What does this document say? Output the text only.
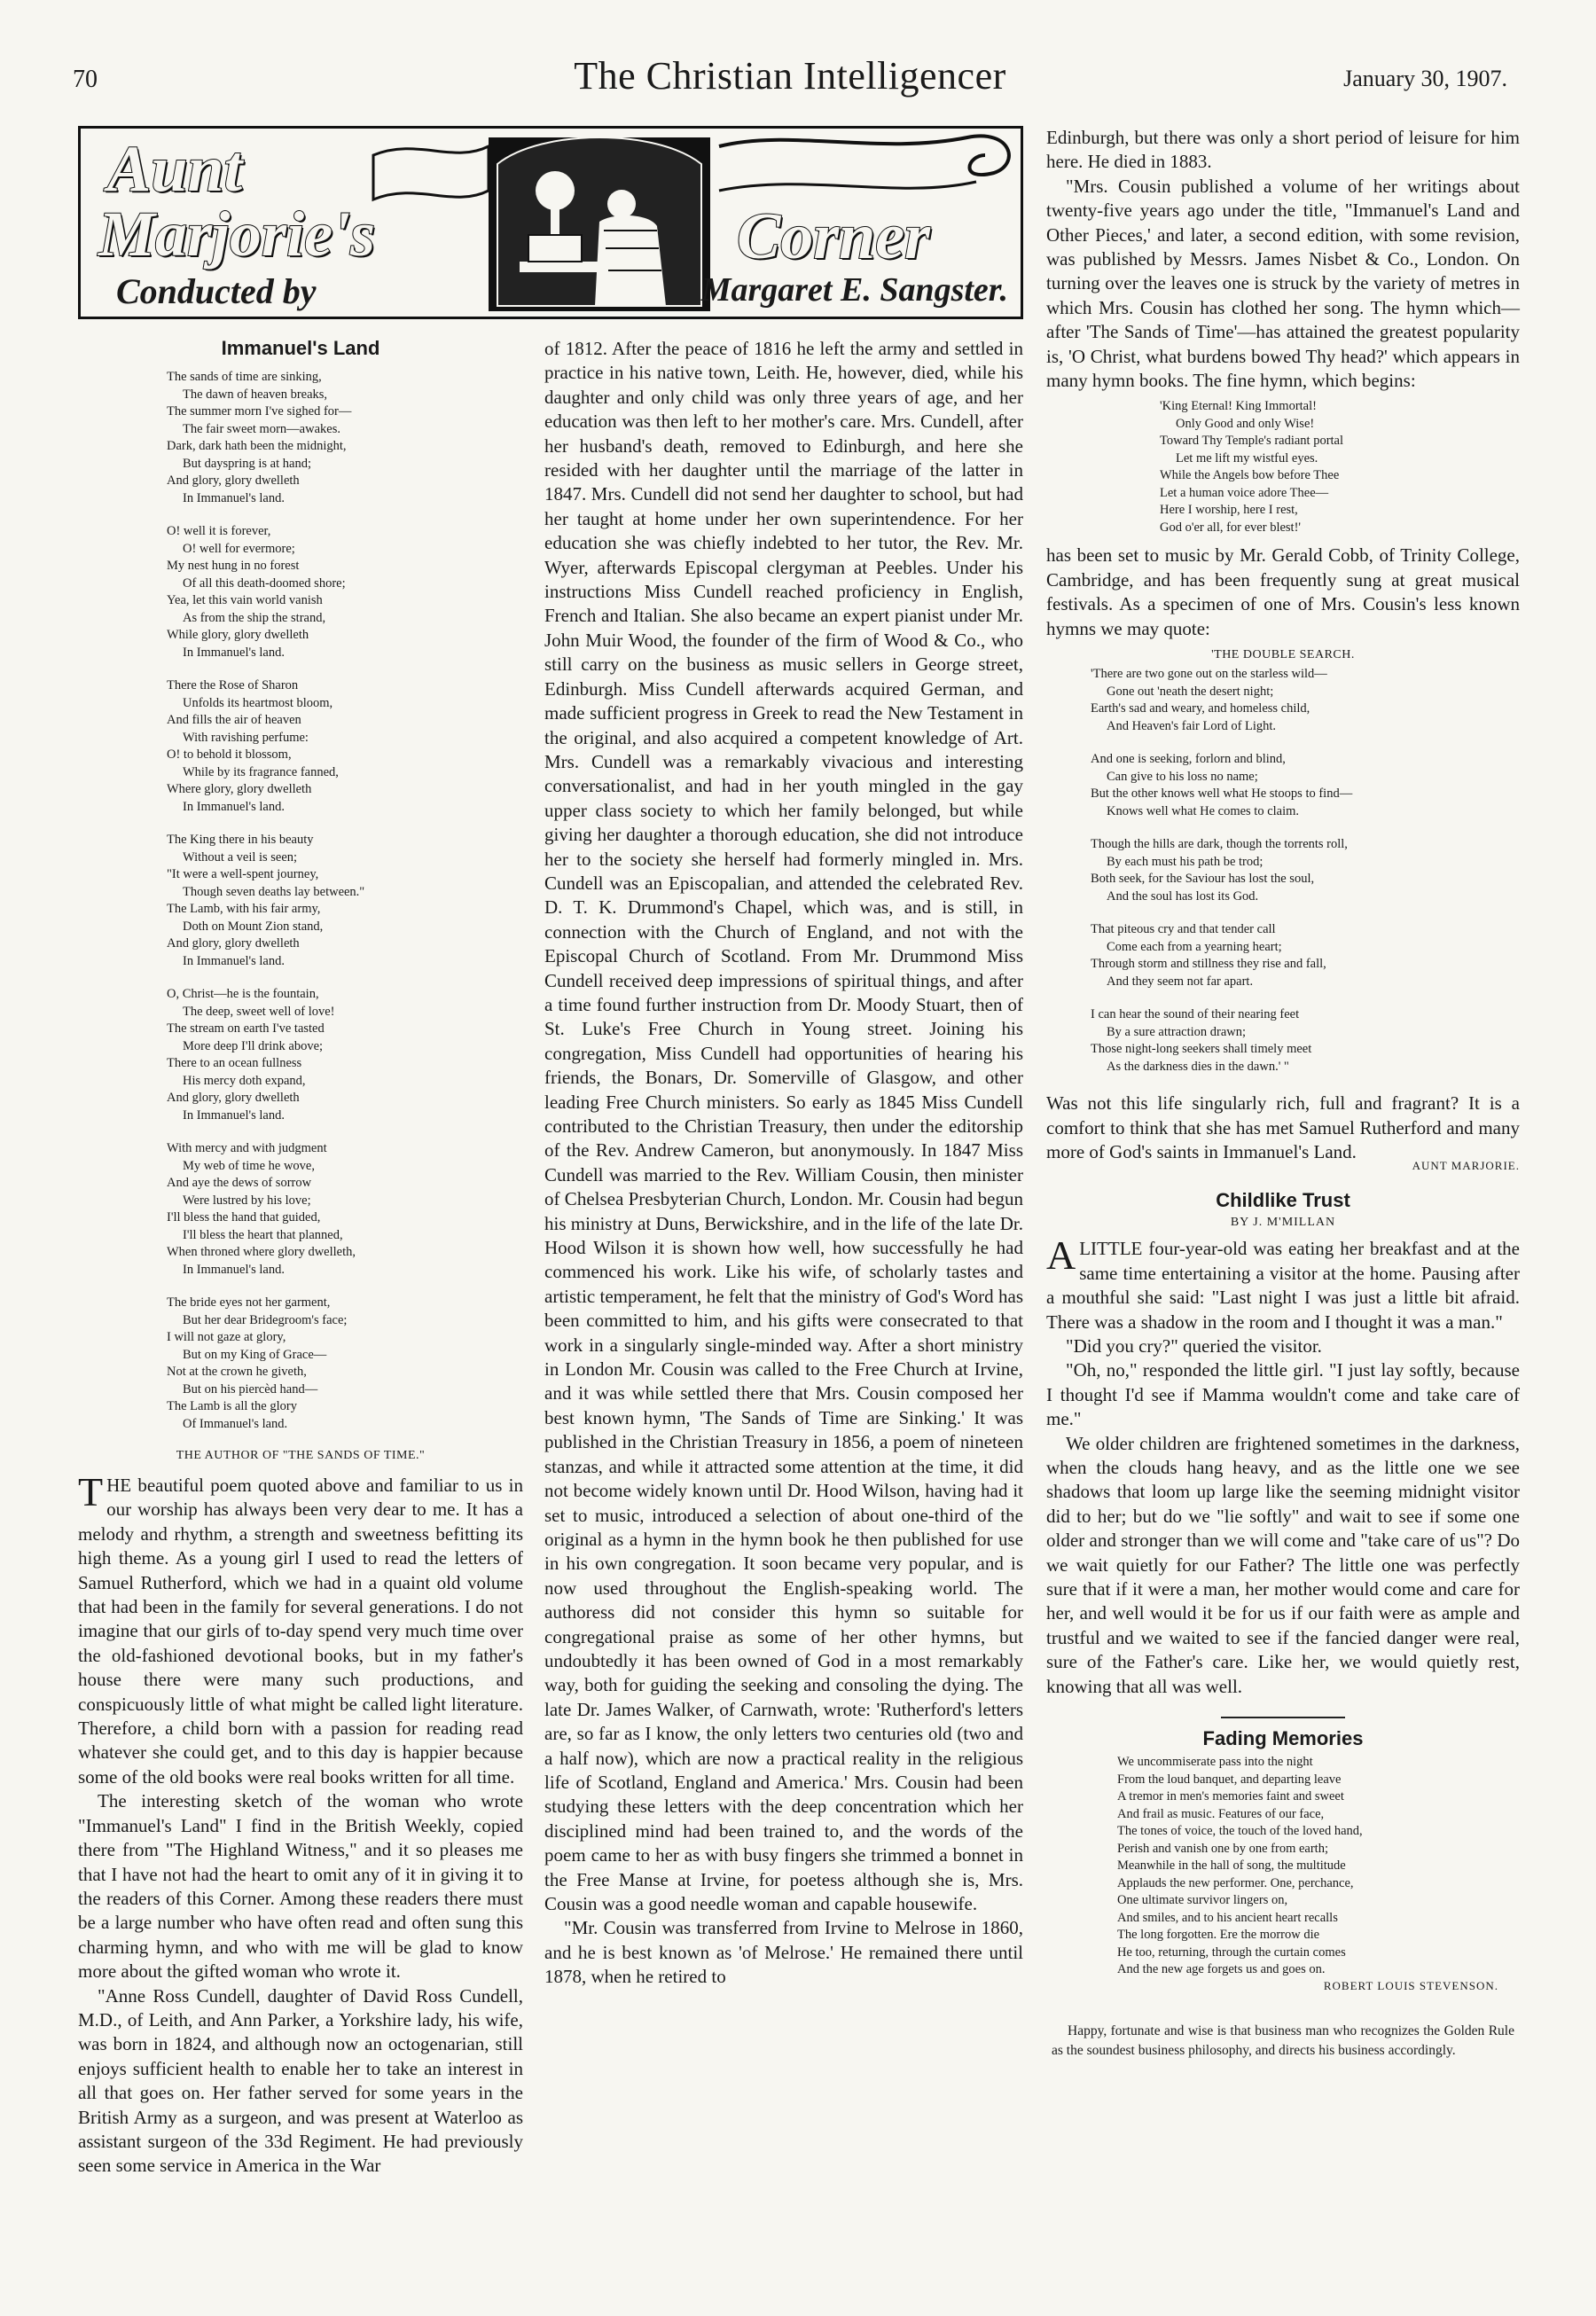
70	The Christian Intelligencer	January 30, 1907.
Aunt
Marjorie's	Corner
Conducted by	Margaret E. Sangster.
Immanuel's Land
The sands of time are sinking,
The dawn of heaven breaks,
The summer morn I've sighed for—
The fair sweet morn—awakes.
Dark, dark hath been the midnight,
But dayspring is at hand;
And glory, glory dwelleth
In Immanuel's land.
O! well it is forever,
O! well for evermore;
My nest hung in no forest
Of all this death-doomed shore;
Yea, let this vain world vanish
As from the ship the strand,
While glory, glory dwelleth
In Immanuel's land.
There the Rose of Sharon
Unfolds its heartmost bloom,
And fills the air of heaven
With ravishing perfume:
O! to behold it blossom,
While by its fragrance fanned,
Where glory, glory dwelleth
In Immanuel's land.
The King there in his beauty
Without a veil is seen;
"It were a well-spent journey,
Though seven deaths lay between."
The Lamb, with his fair army,
Doth on Mount Zion stand,
And glory, glory dwelleth
In Immanuel's land.
O, Christ—he is the fountain,
The deep, sweet well of love!
The stream on earth I've tasted
More deep I'll drink above;
There to an ocean fullness
His mercy doth expand,
And glory, glory dwelleth
In Immanuel's land.
With mercy and with judgment
My web of time he wove,
And aye the dews of sorrow
Were lustred by his love;
I'll bless the hand that guided,
I'll bless the heart that planned,
When throned where glory dwelleth,
In Immanuel's land.
The bride eyes not her garment,
But her dear Bridegroom's face;
I will not gaze at glory,
But on my King of Grace—
Not at the crown he giveth,
But on his piercèd hand—
The Lamb is all the glory
Of Immanuel's land.
THE AUTHOR OF "THE SANDS OF TIME."

THE beautiful poem quoted above and familiar to us in our worship has always been very dear to me. It has a melody and rhythm, a strength and sweetness befitting its high theme. As a young girl I used to read the letters of Samuel Rutherford, which we had in a quaint old volume that had been in the family for several generations. I do not imagine that our girls of to-day spend very much time over the old-fashioned devotional books, but in my father's house there were many such productions, and conspicuously little of what might be called light literature. Therefore, a child born with a passion for reading read whatever she could get, and to this day is happier because some of the old books were real books written for all time.

The interesting sketch of the woman who wrote "Immanuel's Land" I find in the British Weekly, copied there from "The Highland Witness," and it so pleases me that I have not had the heart to omit any of it in giving it to the readers of this Corner. Among these readers there must be a large number who have often read and often sung this charming hymn, and who with me will be glad to know more about the gifted woman who wrote it.

"Anne Ross Cundell, daughter of David Ross Cundell, M.D., of Leith, and Ann Parker, a Yorkshire lady, his wife, was born in 1824, and although now an octogenarian, still enjoys sufficient health to enable her to take an interest in all that goes on. Her father served for some years in the British Army as a surgeon, and was present at Waterloo as assistant surgeon of the 33d Regiment. He had previously seen some service in America in the War

of 1812. After the peace of 1816 he left the army and settled in practice in his native town, Leith. He, however, died, while his daughter and only child was only three years of age, and her education was then left to her mother's care. Mrs. Cundell, after her husband's death, removed to Edinburgh, and here she resided with her daughter until the marriage of the latter in 1847. Mrs. Cundell did not send her daughter to school, but had her taught at home under her own superintendence. For her education she was chiefly indebted to her tutor, the Rev. Mr. Wyer, afterwards Episcopal clergyman at Peebles. Under his instructions Miss Cundell reached proficiency in English, French and Italian. She also became an expert pianist under Mr. John Muir Wood, the founder of the firm of Wood & Co., who still carry on the business as music sellers in George street, Edinburgh. Miss Cundell afterwards acquired German, and made sufficient progress in Greek to read the New Testament in the original, and also acquired a competent knowledge of Art. Mrs. Cundell was a remarkably vivacious and interesting conversationalist, and had in her youth mingled in the gay upper class society to which her family belonged, but while giving her daughter a thorough education, she did not introduce her to the society she herself had formerly mingled in. Mrs. Cundell was an Episcopalian, and attended the celebrated Rev. D. T. K. Drummond's Chapel, which was, and is still, in connection with the Church of England, and not with the Episcopal Church of Scotland. From Mr. Drummond Miss Cundell received deep impressions of spiritual things, and after a time found further instruction from Dr. Moody Stuart, then of St. Luke's Free Church in Young street. Joining his congregation, Miss Cundell had opportunities of hearing his friends, the Bonars, Dr. Somerville of Glasgow, and other leading Free Church ministers. So early as 1845 Miss Cundell contributed to the Christian Treasury, then under the editorship of the Rev. Andrew Cameron, but anonymously. In 1847 Miss Cundell was married to the Rev. William Cousin, then minister of Chelsea Presbyterian Church, London. Mr. Cousin had begun his ministry at Duns, Berwickshire, and in the life of the late Dr. Hood Wilson it is shown how well, how successfully he had commenced his work. Like his wife, of scholarly tastes and artistic temperament, he felt that the ministry of God's Word has been committed to him, and his gifts were consecrated to that work in a singularly single-minded way. After a short ministry in London Mr. Cousin was called to the Free Church at Irvine, and it was while settled there that Mrs. Cousin composed her best known hymn, 'The Sands of Time are Sinking.' It was published in the Christian Treasury in 1856, a poem of nineteen stanzas, and while it attracted some attention at the time, it did not become widely known until Dr. Hood Wilson, having had it set to music, introduced a selection of about one-third of the original as a hymn in the hymn book he then published for use in his own congregation. It soon became very popular, and is now used throughout the English-speaking world. The authoress did not consider this hymn so suitable for congregational praise as some of her other hymns, but undoubtedly it has been owned of God in a most remarkably way, both for guiding the seeking and consoling the dying. The late Dr. James Walker, of Carnwath, wrote: 'Rutherford's letters are, so far as I know, the only letters two centuries old (two and a half now), which are now a practical reality in the religious life of Scotland, England and America.' Mrs. Cousin had been studying these letters with the deep concentration which her disciplined mind had been trained to, and the words of the poem came to her as with busy fingers she trimmed a bonnet in the Free Manse at Irvine, for poetess although she is, Mrs. Cousin was a good needle woman and capable housewife.

"Mr. Cousin was transferred from Irvine to Melrose in 1860, and he is best known as 'of Melrose.' He remained there until 1878, when he retired to

Edinburgh, but there was only a short period of leisure for him here. He died in 1883.

"Mrs. Cousin published a volume of her writings about twenty-five years ago under the title, "Immanuel's Land and Other Pieces,' and later, a second edition, with some revision, was published by Messrs. James Nisbet & Co., London. On turning over the leaves one is struck by the variety of metres in which Mrs. Cousin has clothed her song. The hymn which—after 'The Sands of Time'—has attained the greatest popularity is, 'O Christ, what burdens bowed Thy head?' which appears in many hymn books. The fine hymn, which begins:

'King Eternal! King Immortal!
Only Good and only Wise!
Toward Thy Temple's radiant portal
Let me lift my wistful eyes.
While the Angels bow before Thee
Let a human voice adore Thee—
Here I worship, here I rest,
God o'er all, for ever blest!'

has been set to music by Mr. Gerald Cobb, of Trinity College, Cambridge, and has been frequently sung at great musical festivals. As a specimen of one of Mrs. Cousin's less known hymns we may quote:

'THE DOUBLE SEARCH.
'There are two gone out on the starless wild—
Gone out 'neath the desert night;
Earth's sad and weary, and homeless child,
And Heaven's fair Lord of Light.
And one is seeking, forlorn and blind,
Can give to his loss no name;
But the other knows well what He stoops to find—
Knows well what He comes to claim.
Though the hills are dark, though the torrents roll,
By each must his path be trod;
Both seek, for the Saviour has lost the soul,
And the soul has lost its God.
That piteous cry and that tender call
Come each from a yearning heart;
Through storm and stillness they rise and fall,
And they seem not far apart.
I can hear the sound of their nearing feet
By a sure attraction drawn;
Those night-long seekers shall timely meet
As the darkness dies in the dawn.' "

Was not this life singularly rich, full and fragrant? It is a comfort to think that she has met Samuel Rutherford and many more of God's saints in Immanuel's Land.

AUNT MARJORIE.
Childlike Trust
BY J. M'MILLAN

ALITTLE four-year-old was eating her breakfast and at the same time entertaining a visitor at the home. Pausing after a mouthful she said: "Last night I was just a little bit afraid. There was a shadow in the room and I thought it was a man."

"Did you cry?" queried the visitor.

"Oh, no," responded the little girl. "I just lay softly, because I thought I'd see if Mamma wouldn't come and take care of me."

We older children are frightened sometimes in the darkness, when the clouds hang heavy, and as the little one we see shadows that loom up large like the seeming midnight visitor did to her; but do we "lie softly" and wait to see if some one older and stronger than we will come and "take care of us"? Do we wait quietly for our Father? The little one was perfectly sure that if it were a man, her mother would come and care for her, and well would it be for us if our faith were as ample and trustful and we waited to see if the fancied danger were real, sure of the Father's care. Like her, we would quietly rest, knowing that all was well.

Fading Memories
We uncommiserate pass into the night
From the loud banquet, and departing leave
A tremor in men's memories faint and sweet
And frail as music. Features of our face,
The tones of voice, the touch of the loved hand,
Perish and vanish one by one from earth;
Meanwhile in the hall of song, the multitude
Applauds the new performer. One, perchance,
One ultimate survivor lingers on,
And smiles, and to his ancient heart recalls
The long forgotten. Ere the morrow die
He too, returning, through the curtain comes
And the new age forgets us and goes on.
ROBERT LOUIS STEVENSON.
Happy, fortunate and wise is that business man who recognizes the Golden Rule as the soundest business philosophy, and directs his business accordingly.
